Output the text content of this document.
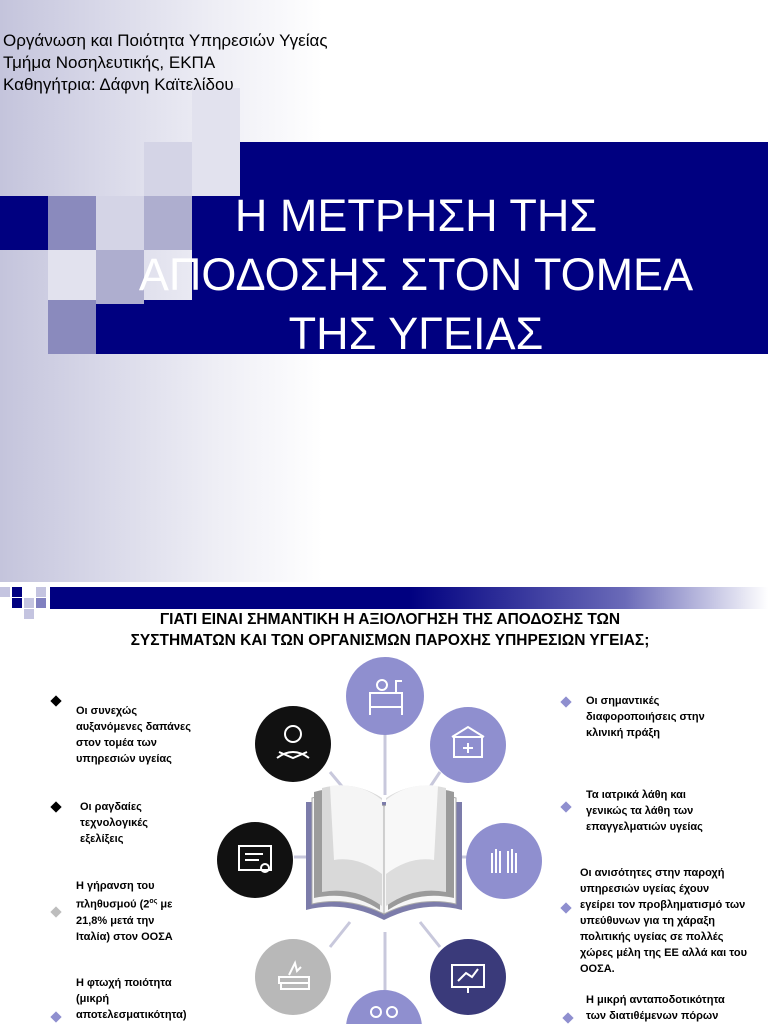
Οργάνωση και Ποιότητα Υπηρεσιών Υγείας
Τμήμα Νοσηλευτικής, ΕΚΠΑ
Καθηγήτρια: Δάφνη Καϊτελίδου
Η ΜΕΤΡΗΣΗ ΤΗΣ
ΑΠΟΔΟΣΗΣ ΣΤΟΝ ΤΟΜΕΑ
ΤΗΣ ΥΓΕΙΑΣ
ΓΙΑΤΙ ΕΙΝΑΙ ΣΗΜΑΝΤΙΚΗ Η ΑΞΙΟΛΟΓΗΣΗ ΤΗΣ ΑΠΟΔΟΣΗΣ ΤΩΝ
ΣΥΣΤΗΜΑΤΩΝ ΚΑΙ ΤΩΝ ΟΡΓΑΝΙΣΜΩΝ ΠΑΡΟΧΗΣ ΥΠΗΡΕΣΙΩΝ ΥΓΕΙΑΣ;
Οι συνεχώς
αυξανόμενες δαπάνες
στον τομέα των
υπηρεσιών υγείας
Οι ραγδαίες
τεχνολογικές
εξελίξεις
Η γήρανση του
πληθυσμού ($2^{o\varsigma}$ με
21,8% μετά την
Ιταλία) στον ΟΟΣΑ
Η φτωχή ποιότητα
(μικρή
αποτελεσματικότητα)
Οι σημαντικές
διαφοροποιήσεις στην
κλινική πράξη
Τα ιατρικά λάθη και
γενικώς τα λάθη των
επαγγελματιών υγείας
Οι ανισότητες στην παροχή
υπηρεσιών υγείας έχουν
εγείρει τον προβληματισμό των
υπεύθυνων για τη χάραξη
πολιτικής υγείας σε πολλές
χώρες μέλη της ΕΕ αλλά και του
ΟΟΣΑ.
Η μικρή ανταποδοτικότητα
των διατιθέμενων πόρων
